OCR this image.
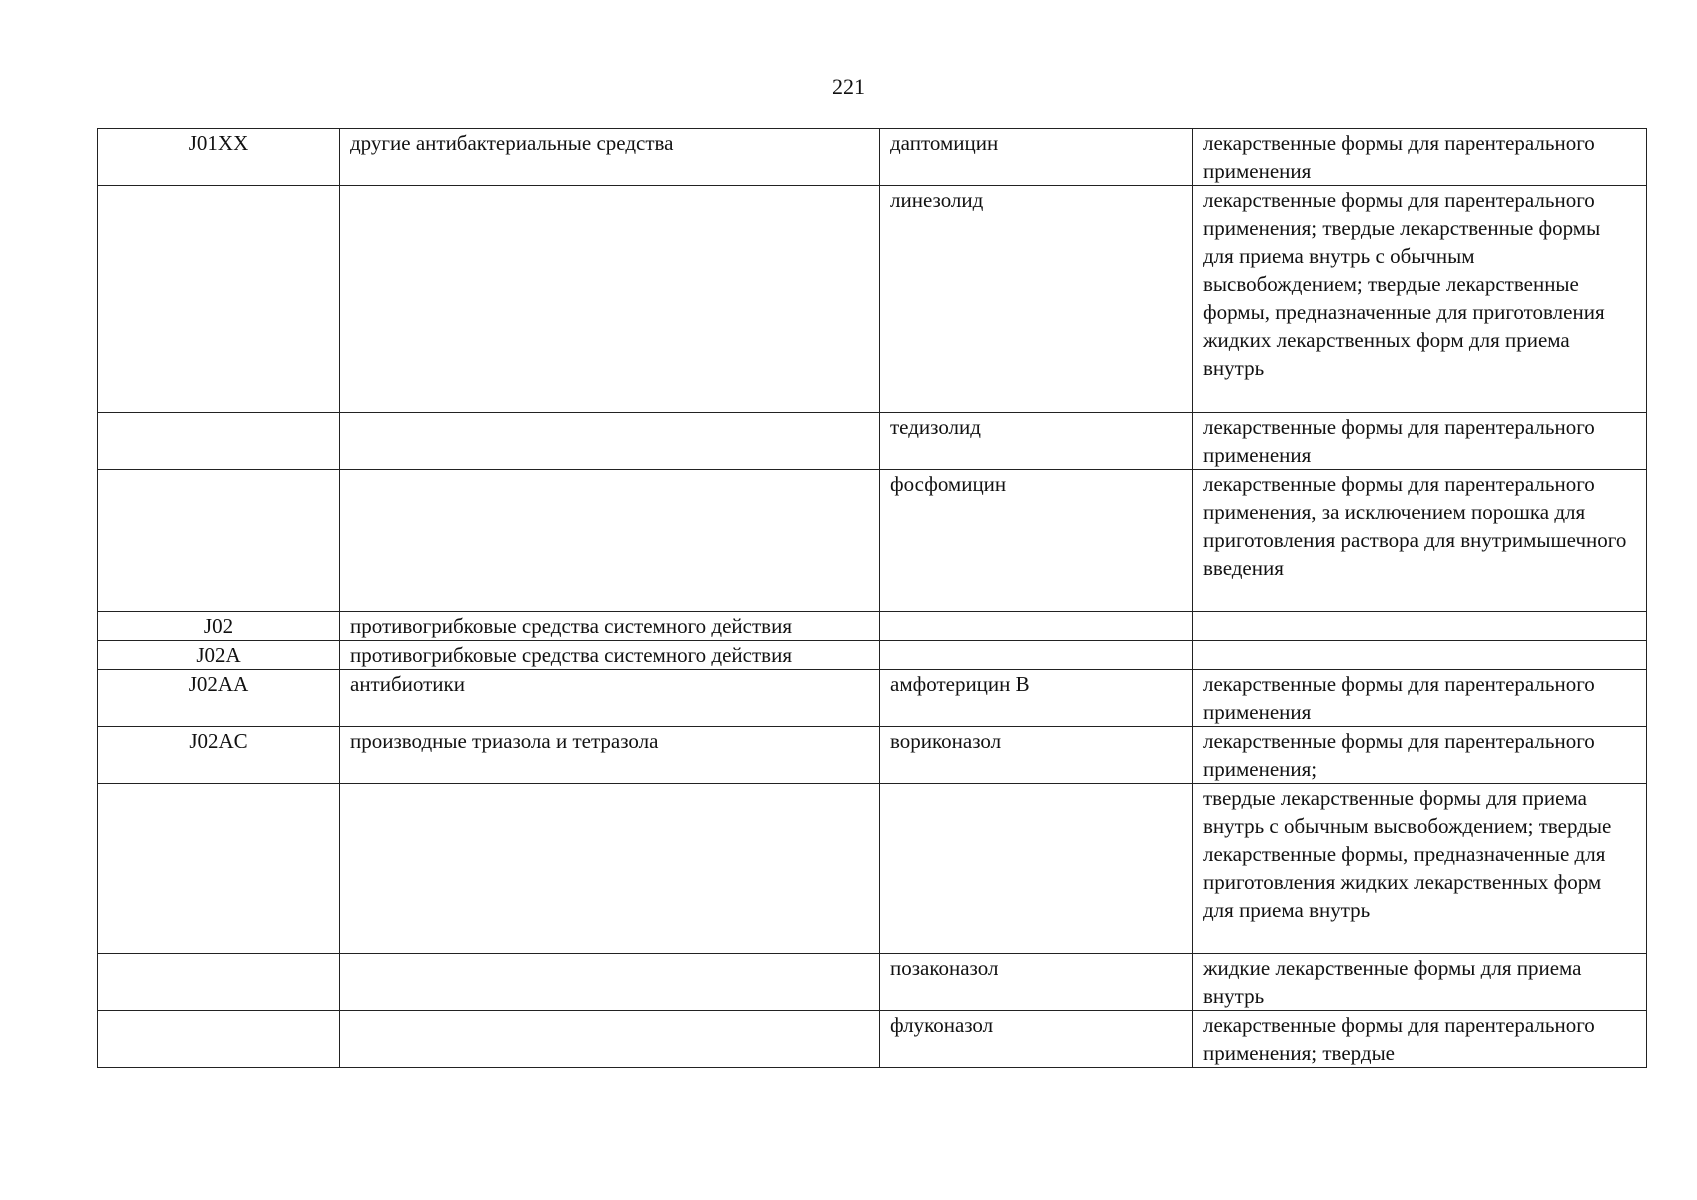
221
J01XX	другие антибактериальные средства	даптомицин	лекарственные формы для парентерального применения
		линезолид	лекарственные формы для парентерального применения; твердые лекарственные формы для приема внутрь с обычным высвобождением; твердые лекарственные формы, предназначенные для приготовления жидких лекарственных форм для приема внутрь
		тедизолид	лекарственные формы для парентерального применения
		фосфомицин	лекарственные формы для парентерального применения, за исключением порошка для приготовления раствора для внутримышечного введения
J02	противогрибковые средства системного действия		
J02A	противогрибковые средства системного действия		
J02AA	антибиотики	амфотерицин B	лекарственные формы для парентерального применения
J02AC	производные триазола и тетразола	вориконазол	лекарственные формы для парентерального применения;
			твердые лекарственные формы для приема внутрь с обычным высвобождением; твердые лекарственные формы, предназначенные для приготовления жидких лекарственных форм для приема внутрь
		позаконазол	жидкие лекарственные формы для приема внутрь
		флуконазол	лекарственные формы для парентерального применения; твердые
